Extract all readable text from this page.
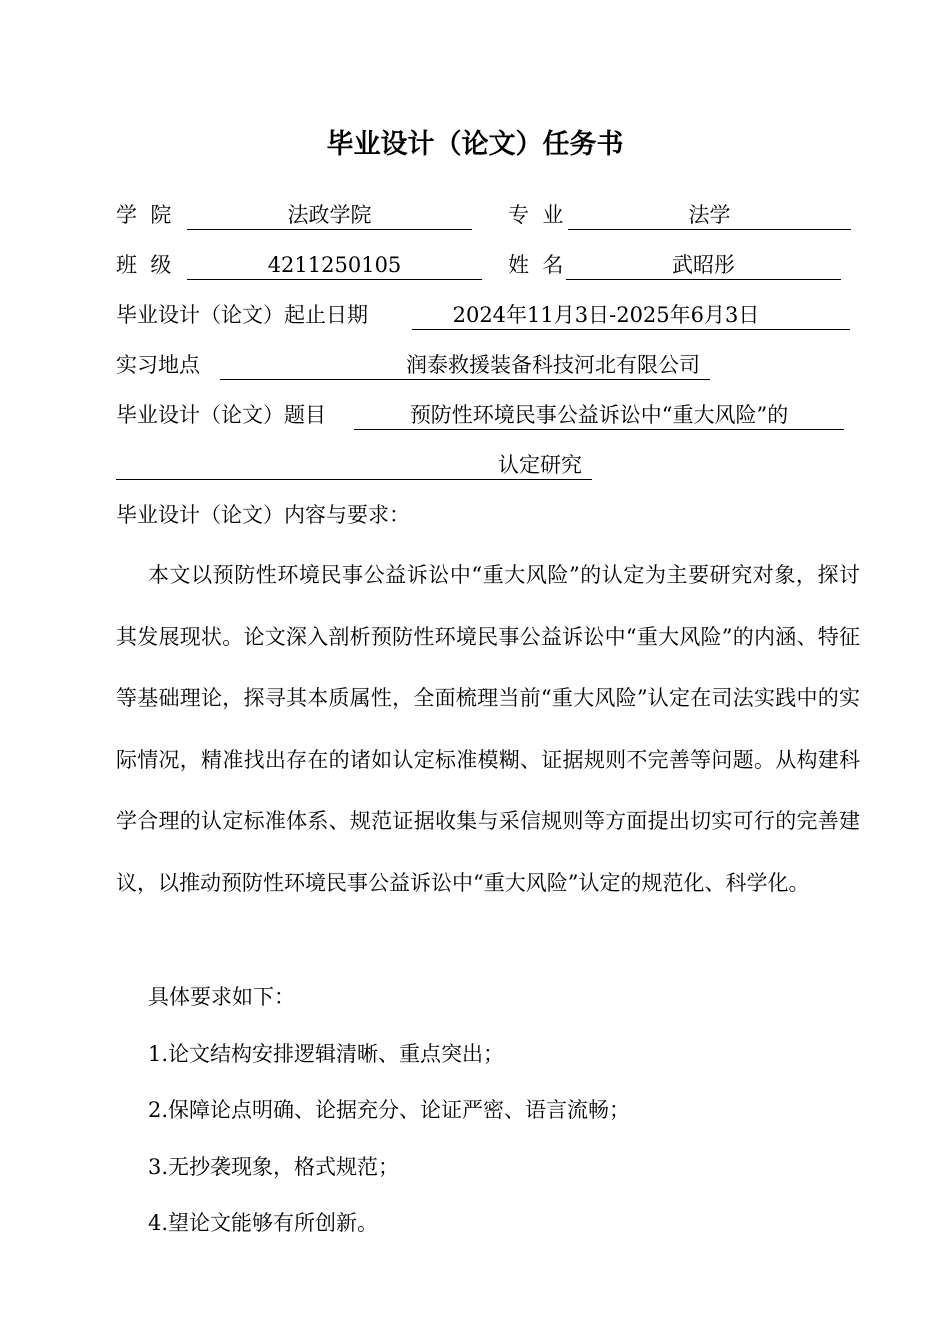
毕业设计（论文）任务书
学  院	法政学院	专  业	法学
班  级	4211250105	姓  名	武昭彤
毕业设计（论文）起止日期	2024年11月3日-2025年6月3日
实习地点	润泰救援装备科技河北有限公司
毕业设计（论文）题目	预防性环境民事公益诉讼中“重大风险”的
认定研究
毕业设计（论文）内容与要求：

本文以预防性环境民事公益诉讼中“重大风险”的认定为主要研究对象，探讨其发展现状。论文深入剖析预防性环境民事公益诉讼中“重大风险”的内涵、特征等基础理论，探寻其本质属性，全面梳理当前“重大风险”认定在司法实践中的实际情况，精准找出存在的诸如认定标准模糊、证据规则不完善等问题。从构建科学合理的认定标准体系、规范证据收集与采信规则等方面提出切实可行的完善建议，以推动预防性环境民事公益诉讼中“重大风险”认定的规范化、科学化。

具体要求如下：
1.论文结构安排逻辑清晰、重点突出；
2.保障论点明确、论据充分、论证严密、语言流畅；
3.无抄袭现象，格式规范；
4.望论文能够有所创新。
